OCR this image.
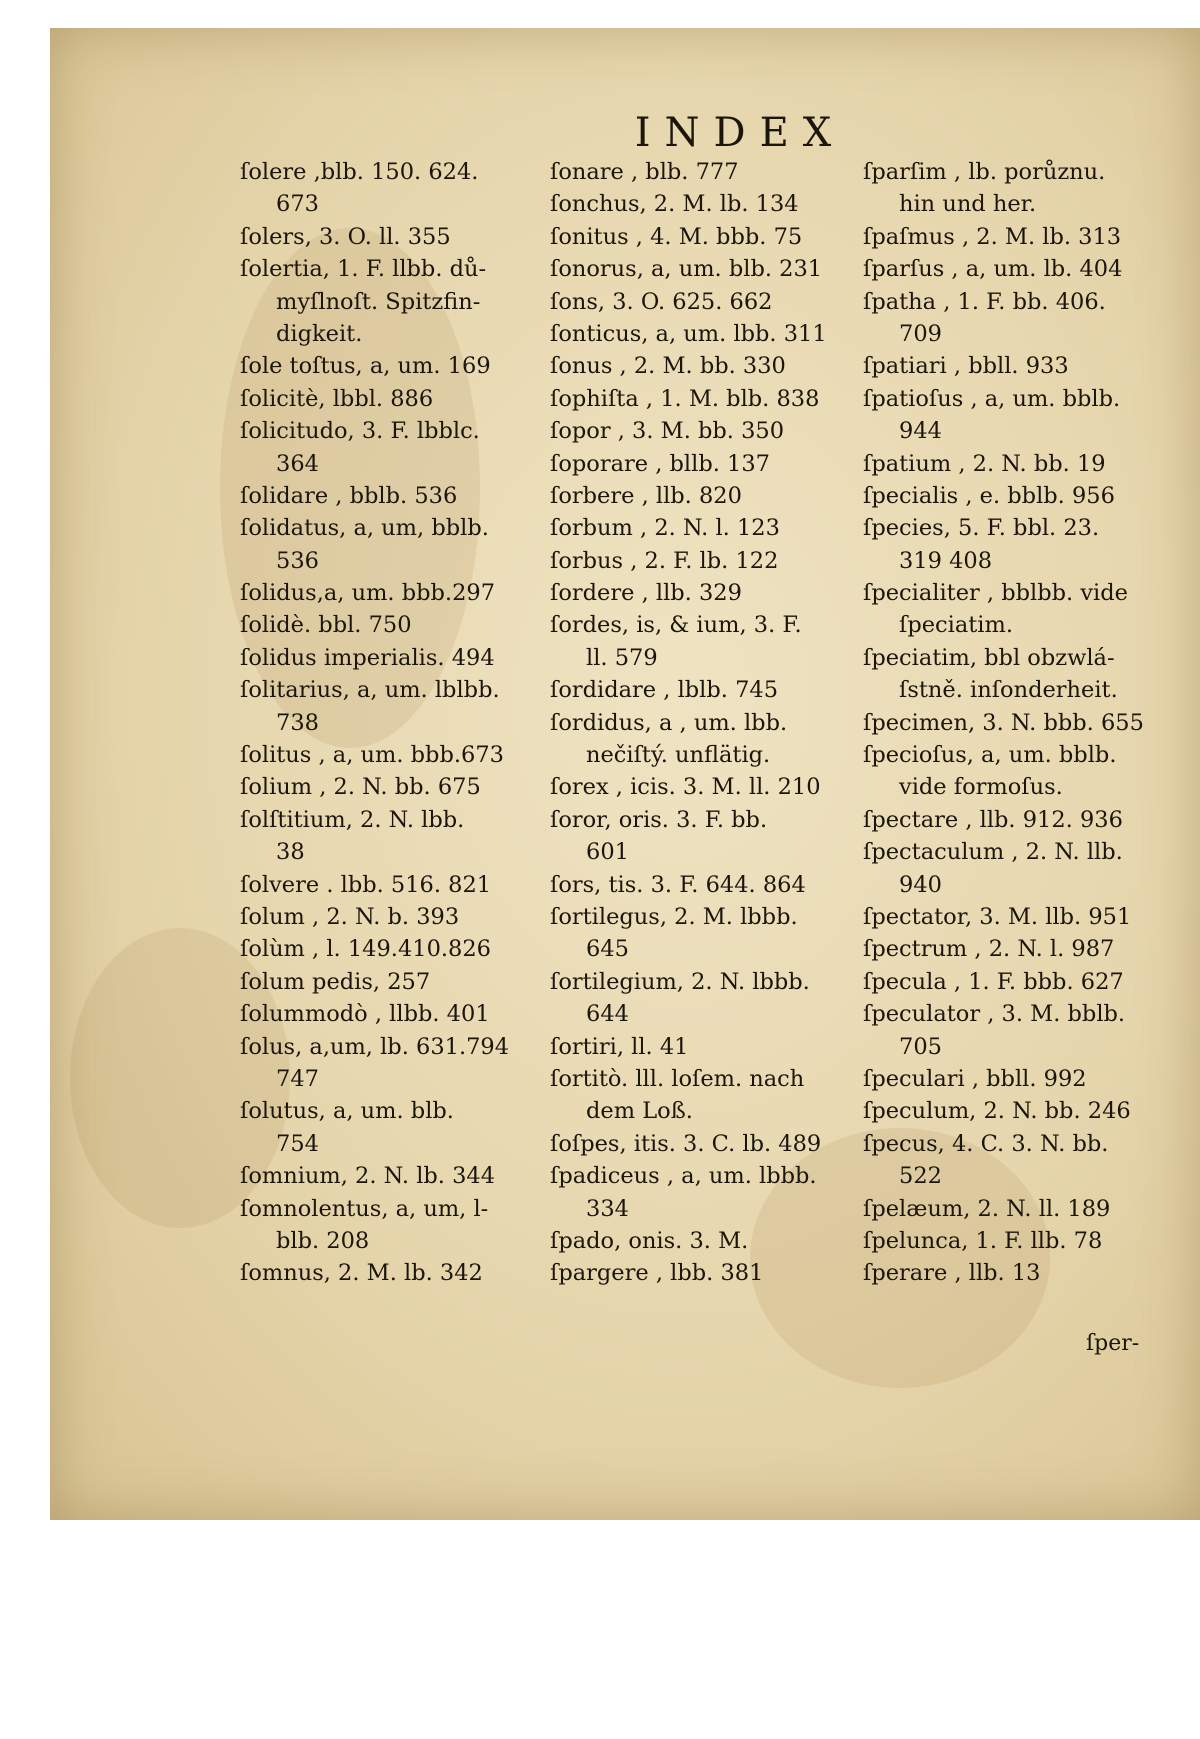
INDEX
ſolere ,blb. 150. 624.
673
ſolers, 3. O. ll. 355
ſolertia, 1. F. llbb. dů-
myſlnoſt. Spitzfin-
digkeit.
ſole toſtus, a, um. 169
ſolicitè, lbbl. 886
ſolicitudo, 3. F. lbblc.
364
ſolidare , bblb. 536
ſolidatus, a, um, bblb.
536
ſolidus,a, um. bbb.297
ſolidè. bbl. 750
ſolidus imperialis. 494
ſolitarius, a, um. lblbb.
738
ſolitus , a, um. bbb.673
ſolium , 2. N. bb. 675
ſolſtitium, 2. N. lbb.
38
ſolvere . lbb. 516. 821
ſolum , 2. N. b. 393
ſolùm , l. 149.410.826
ſolum pedis, 257
ſolummodò , llbb. 401
ſolus, a,um, lb. 631.794
747
ſolutus, a, um. blb.
754
ſomnium, 2. N. lb. 344
ſomnolentus, a, um, l-
blb. 208
ſomnus, 2. M. lb. 342
ſonare , blb. 777
ſonchus, 2. M. lb. 134
ſonitus , 4. M. bbb. 75
ſonorus, a, um. blb. 231
ſons, 3. O. 625. 662
ſonticus, a, um. lbb. 311
ſonus , 2. M. bb. 330
ſophiſta , 1. M. blb. 838
ſopor , 3. M. bb. 350
ſoporare , bllb. 137
ſorbere , llb. 820
ſorbum , 2. N. l. 123
ſorbus , 2. F. lb. 122
ſordere , llb. 329
ſordes, is, & ium, 3. F.
ll. 579
ſordidare , lblb. 745
ſordidus, a , um. lbb.
nečiſtý. unflätig.
ſorex , icis. 3. M. ll. 210
ſoror, oris. 3. F. bb.
601
ſors, tis. 3. F. 644. 864
ſortilegus, 2. M. lbbb.
645
ſortilegium, 2. N. lbbb.
644
ſortiri, ll. 41
ſortitò. lll. loſem. nach
dem Loß.
ſoſpes, itis. 3. C. lb. 489
ſpadiceus , a, um. lbbb.
334
ſpado, onis. 3. M.
ſpargere , lbb. 381
ſparſim , lb. porůznu.
hin und her.
ſpaſmus , 2. M. lb. 313
ſparſus , a, um. lb. 404
ſpatha , 1. F. bb. 406.
709
ſpatiari , bbll. 933
ſpatioſus , a, um. bblb.
944
ſpatium , 2. N. bb. 19
ſpecialis , e. bblb. 956
ſpecies, 5. F. bbl. 23.
319 408
ſpecialiter , bblbb. vide
ſpeciatim.
ſpeciatim, bbl obzwlá-
ſstně. inſonderheit.
ſpecimen, 3. N. bbb. 655
ſpecioſus, a, um. bblb.
vide formoſus.
ſpectare , llb. 912. 936
ſpectaculum , 2. N. llb.
940
ſpectator, 3. M. llb. 951
ſpectrum , 2. N. l. 987
ſpecula , 1. F. bbb. 627
ſpeculator , 3. M. bblb.
705
ſpeculari , bbll. 992
ſpeculum, 2. N. bb. 246
ſpecus, 4. C. 3. N. bb.
522
ſpelæum, 2. N. ll. 189
ſpelunca, 1. F. llb. 78
ſperare , llb. 13
ſper-
STRAHOV	STRAHOV
